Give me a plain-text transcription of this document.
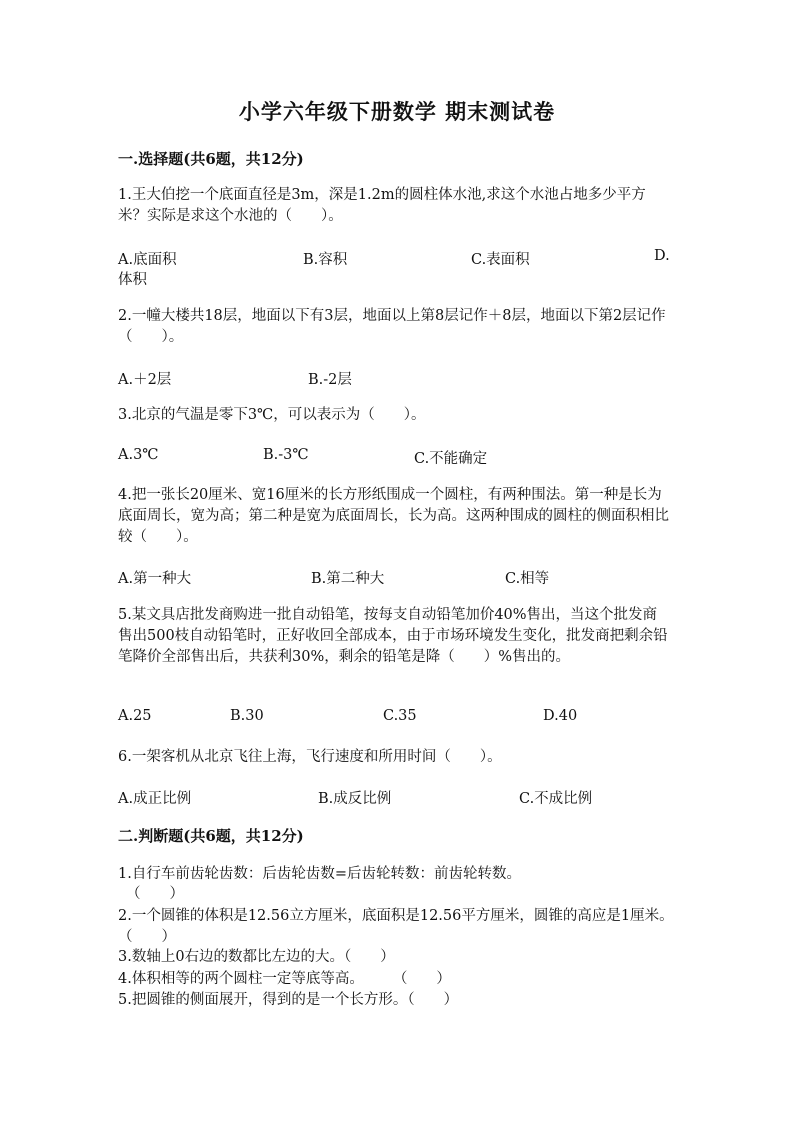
小学六年级下册数学 期末测试卷
一.选择题(共6题，共12分)
1.王大伯挖一个底面直径是3m，深是1.2m的圆柱体水池,求这个水池占地多少平方米？实际是求这个水池的（　　）。
A.底面积	B.容积	C.表面积	D.
体积
2.一幢大楼共18层，地面以下有3层，地面以上第8层记作＋8层，地面以下第2层记作（　　）。
A.＋2层	B.-2层
3.北京的气温是零下3℃，可以表示为（　　）。
A.3℃	B.-3℃	C.不能确定
4.把一张长20厘米、宽16厘米的长方形纸围成一个圆柱，有两种围法。第一种是长为底面周长，宽为高；第二种是宽为底面周长，长为高。这两种围成的圆柱的侧面积相比较（　　）。
A.第一种大	B.第二种大	C.相等
5.某文具店批发商购进一批自动铅笔，按每支自动铅笔加价40%售出，当这个批发商售出500枝自动铅笔时，正好收回全部成本，由于市场环境发生变化，批发商把剩余铅笔降价全部售出后，共获利30%，剩余的铅笔是降（　　）%售出的。
A.25	B.30	C.35	D.40
6.一架客机从北京飞往上海，飞行速度和所用时间（　　）。
A.成正比例	B.成反比例	C.不成比例
二.判断题(共6题，共12分)
1.自行车前齿轮齿数：后齿轮齿数=后齿轮转数：前齿轮转数。
（　　）
2.一个圆锥的体积是12.56立方厘米，底面积是12.56平方厘米，圆锥的高应是1厘米。　　　（　　）
3.数轴上0右边的数都比左边的大。（　　）
4.体积相等的两个圆柱一定等底等高。　　　（　　）
5.把圆锥的侧面展开，得到的是一个长方形。（　　）
